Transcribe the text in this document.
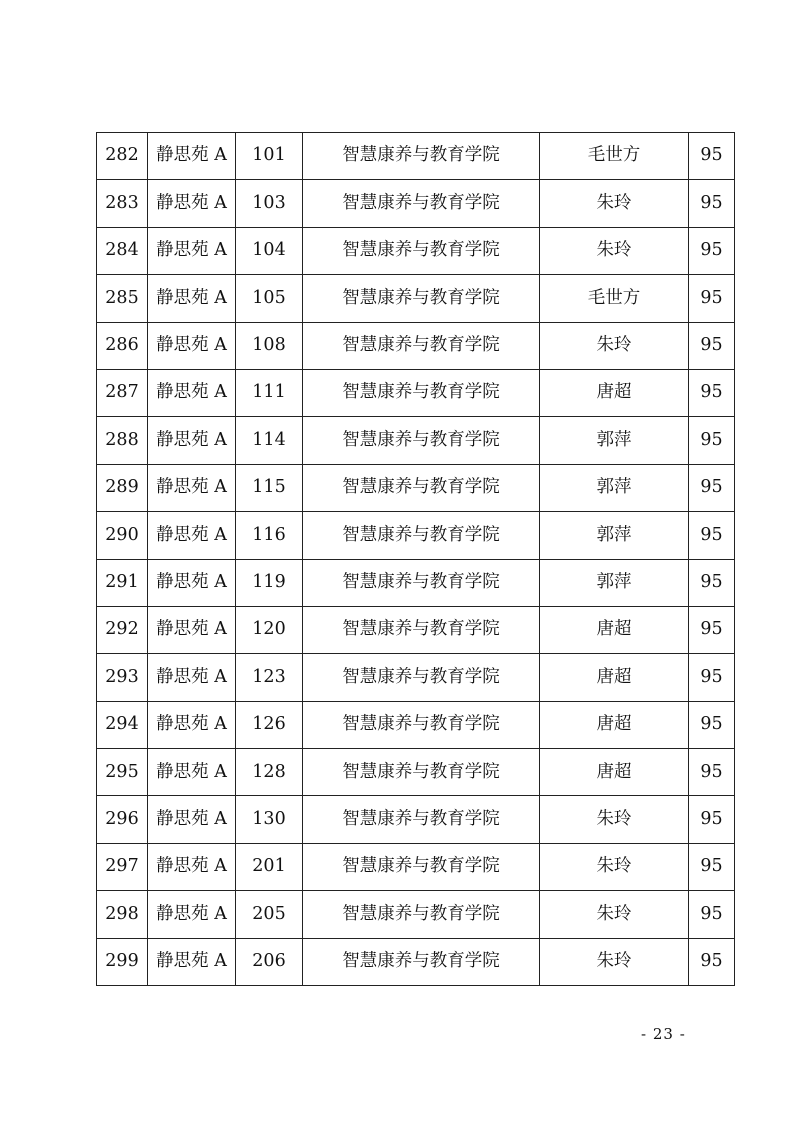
282	静思苑 A	101	智慧康养与教育学院	毛世方	95
283	静思苑 A	103	智慧康养与教育学院	朱玲	95
284	静思苑 A	104	智慧康养与教育学院	朱玲	95
285	静思苑 A	105	智慧康养与教育学院	毛世方	95
286	静思苑 A	108	智慧康养与教育学院	朱玲	95
287	静思苑 A	111	智慧康养与教育学院	唐超	95
288	静思苑 A	114	智慧康养与教育学院	郭萍	95
289	静思苑 A	115	智慧康养与教育学院	郭萍	95
290	静思苑 A	116	智慧康养与教育学院	郭萍	95
291	静思苑 A	119	智慧康养与教育学院	郭萍	95
292	静思苑 A	120	智慧康养与教育学院	唐超	95
293	静思苑 A	123	智慧康养与教育学院	唐超	95
294	静思苑 A	126	智慧康养与教育学院	唐超	95
295	静思苑 A	128	智慧康养与教育学院	唐超	95
296	静思苑 A	130	智慧康养与教育学院	朱玲	95
297	静思苑 A	201	智慧康养与教育学院	朱玲	95
298	静思苑 A	205	智慧康养与教育学院	朱玲	95
299	静思苑 A	206	智慧康养与教育学院	朱玲	95
- 23 -
